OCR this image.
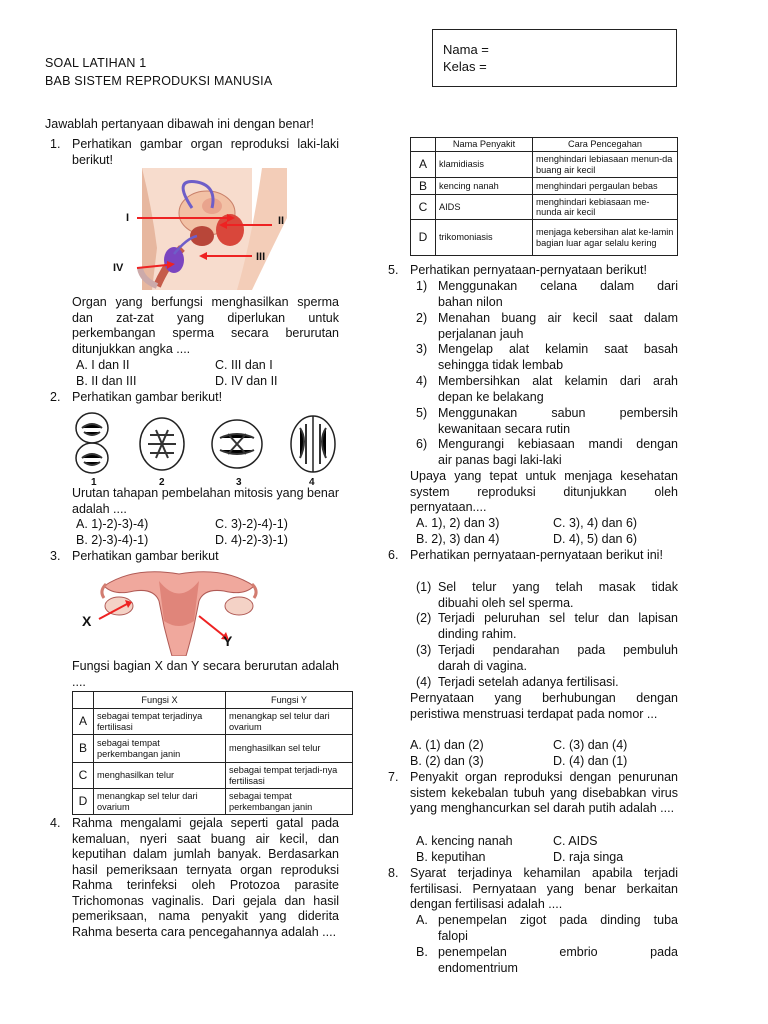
SOAL LATIHAN 1
BAB SISTEM REPRODUKSI MANUSIA
Nama =
Kelas =
Jawablah pertanyaan dibawah ini dengan benar!
1. Perhatikan gambar organ reproduksi laki-laki berikut!
I	II
III
IV
Organ yang berfungsi menghasilkan sperma dan zat-zat yang diperlukan untuk perkembangan sperma secara berurutan ditunjukkan angka ....
A. I dan II	C. III dan I
B. II dan III	D. IV dan II
2. Perhatikan gambar berikut!
1	2	3	4
Urutan tahapan pembelahan mitosis yang benar adalah ....
A. 1)-2)-3)-4)	C. 3)-2)-4)-1)
B. 2)-3)-4)-1)	D. 4)-2)-3)-1)
3. Perhatikan gambar berikut
X
Y
Fungsi bagian X dan Y secara berurutan adalah ....
	Fungsi X	Fungsi Y
A	sebagai tempat terjadinya fertilisasi	menangkap sel telur dari ovarium
B	sebagai tempat perkembangan janin	menghasilkan sel telur
C	menghasilkan telur	sebagai tempat terjadi-nya fertilisasi
D	menangkap sel telur dari ovarium	sebagai tempat perkembangan janin
4. Rahma mengalami gejala seperti gatal pada kemaluan, nyeri saat buang air kecil, dan keputihan dalam jumlah banyak. Berdasarkan hasil pemeriksaan ternyata organ reproduksi Rahma terinfeksi oleh Protozoa parasite Trichomonas vaginalis. Dari gejala dan hasil pemeriksaan, nama penyakit yang diderita Rahma beserta cara pencegahannya adalah ....
	Nama Penyakit	Cara Pencegahan
A	klamidiasis	menghindari lebiasaan menun-da buang air kecil
B	kencing nanah	menghindari pergaulan bebas
C	AIDS	menghindari kebiasaan me-nunda air kecil
D	trikomoniasis	menjaga kebersihan alat ke-lamin bagian luar agar selalu kering
5. Perhatikan pernyataan-pernyataan berikut!
1) Menggunakan celana dalam dari
bahan nilon
2) Menahan buang air kecil saat dalam
perjalanan jauh
3) Mengelap alat kelamin saat basah
sehingga tidak lembab
4) Membersihkan alat kelamin dari arah
depan ke belakang
5) Menggunakan sabun pembersih
kewanitaan secara rutin
6) Mengurangi kebiasaan mandi dengan
air panas bagi laki-laki
Upaya yang tepat untuk menjaga kesehatan system reproduksi ditunjukkan oleh pernyataan....
A. 1), 2) dan 3)	C. 3), 4) dan 6)
B. 2), 3) dan 4)	D. 4), 5) dan 6)
6. Perhatikan pernyataan-pernyataan berikut ini!
(1) Sel telur yang telah masak tidak
dibuahi oleh sel sperma.
(2) Terjadi peluruhan sel telur dan lapisan
dinding rahim.
(3) Terjadi pendarahan pada pembuluh
darah di vagina.
(4) Terjadi setelah adanya fertilisasi.
Pernyataan yang berhubungan dengan peristiwa menstruasi terdapat pada nomor ...
A. (1) dan (2)	C. (3) dan (4)
B. (2) dan (3)	D. (4) dan (1)
7. Penyakit organ reproduksi dengan penurunan sistem kekebalan tubuh yang disebabkan virus yang menghancurkan sel darah putih adalah ....
A. kencing nanah	C. AIDS
B. keputihan	D. raja singa
8. Syarat terjadinya kehamilan apabila terjadi fertilisasi. Pernyataan yang benar berkaitan dengan fertilisasi adalah ....
A. penempelan zigot pada dinding tuba
falopi
B. penempelan embrio pada
endomentrium
